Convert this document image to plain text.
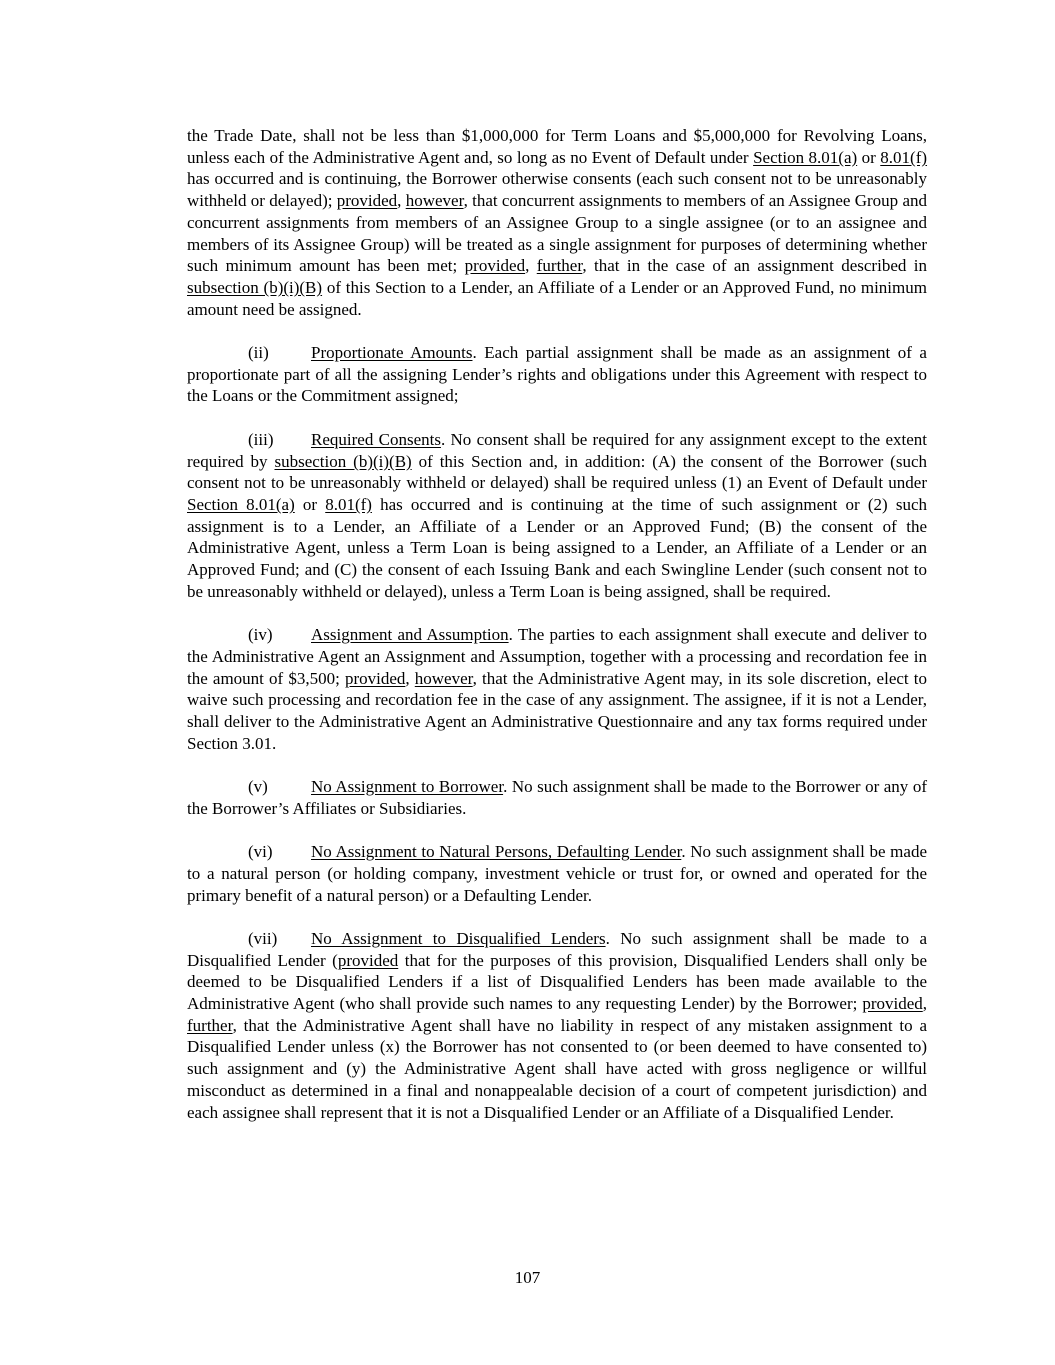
the Trade Date, shall not be less than $1,000,000 for Term Loans and $5,000,000 for Revolving Loans, unless each of the Administrative Agent and, so long as no Event of Default under Section 8.01(a) or 8.01(f) has occurred and is continuing, the Borrower otherwise consents (each such consent not to be unreasonably withheld or delayed); provided, however, that concurrent assignments to members of an Assignee Group and concurrent assignments from members of an Assignee Group to a single assignee (or to an assignee and members of its Assignee Group) will be treated as a single assignment for purposes of determining whether such minimum amount has been met; provided, further, that in the case of an assignment described in subsection (b)(i)(B) of this Section to a Lender, an Affiliate of a Lender or an Approved Fund, no minimum amount need be assigned.

(ii) Proportionate Amounts. Each partial assignment shall be made as an assignment of a proportionate part of all the assigning Lender’s rights and obligations under this Agreement with respect to the Loans or the Commitment assigned;

(iii) Required Consents. No consent shall be required for any assignment except to the extent required by subsection (b)(i)(B) of this Section and, in addition: (A) the consent of the Borrower (such consent not to be unreasonably withheld or delayed) shall be required unless (1) an Event of Default under Section 8.01(a) or 8.01(f) has occurred and is continuing at the time of such assignment or (2) such assignment is to a Lender, an Affiliate of a Lender or an Approved Fund; (B) the consent of the Administrative Agent, unless a Term Loan is being assigned to a Lender, an Affiliate of a Lender or an Approved Fund; and (C) the consent of each Issuing Bank and each Swingline Lender (such consent not to be unreasonably withheld or delayed), unless a Term Loan is being assigned, shall be required.

(iv) Assignment and Assumption. The parties to each assignment shall execute and deliver to the Administrative Agent an Assignment and Assumption, together with a processing and recordation fee in the amount of $3,500; provided, however, that the Administrative Agent may, in its sole discretion, elect to waive such processing and recordation fee in the case of any assignment. The assignee, if it is not a Lender, shall deliver to the Administrative Agent an Administrative Questionnaire and any tax forms required under Section 3.01.

(v)	No Assignment to Borrower. No such assignment shall be made to the Borrower or any of the Borrower’s Affiliates or Subsidiaries.

(vi) No Assignment to Natural Persons, Defaulting Lender. No such assignment shall be made to a natural person (or holding company, investment vehicle or trust for, or owned and operated for the primary benefit of a natural person) or a Defaulting Lender.

(vii) No Assignment to Disqualified Lenders. No such assignment shall be made to a Disqualified Lender (provided that for the purposes of this provision, Disqualified Lenders shall only be deemed to be Disqualified Lenders if a list of Disqualified Lenders has been made available to the Administrative Agent (who shall provide such names to any requesting Lender) by the Borrower; provided, further, that the Administrative Agent shall have no liability in respect of any mistaken assignment to a Disqualified Lender unless (x) the Borrower has not consented to (or been deemed to have consented to) such assignment and (y) the Administrative Agent shall have acted with gross negligence or willful misconduct as determined in a final and nonappealable decision of a court of competent jurisdiction) and each assignee shall represent that it is not a Disqualified Lender or an Affiliate of a Disqualified Lender.

107
